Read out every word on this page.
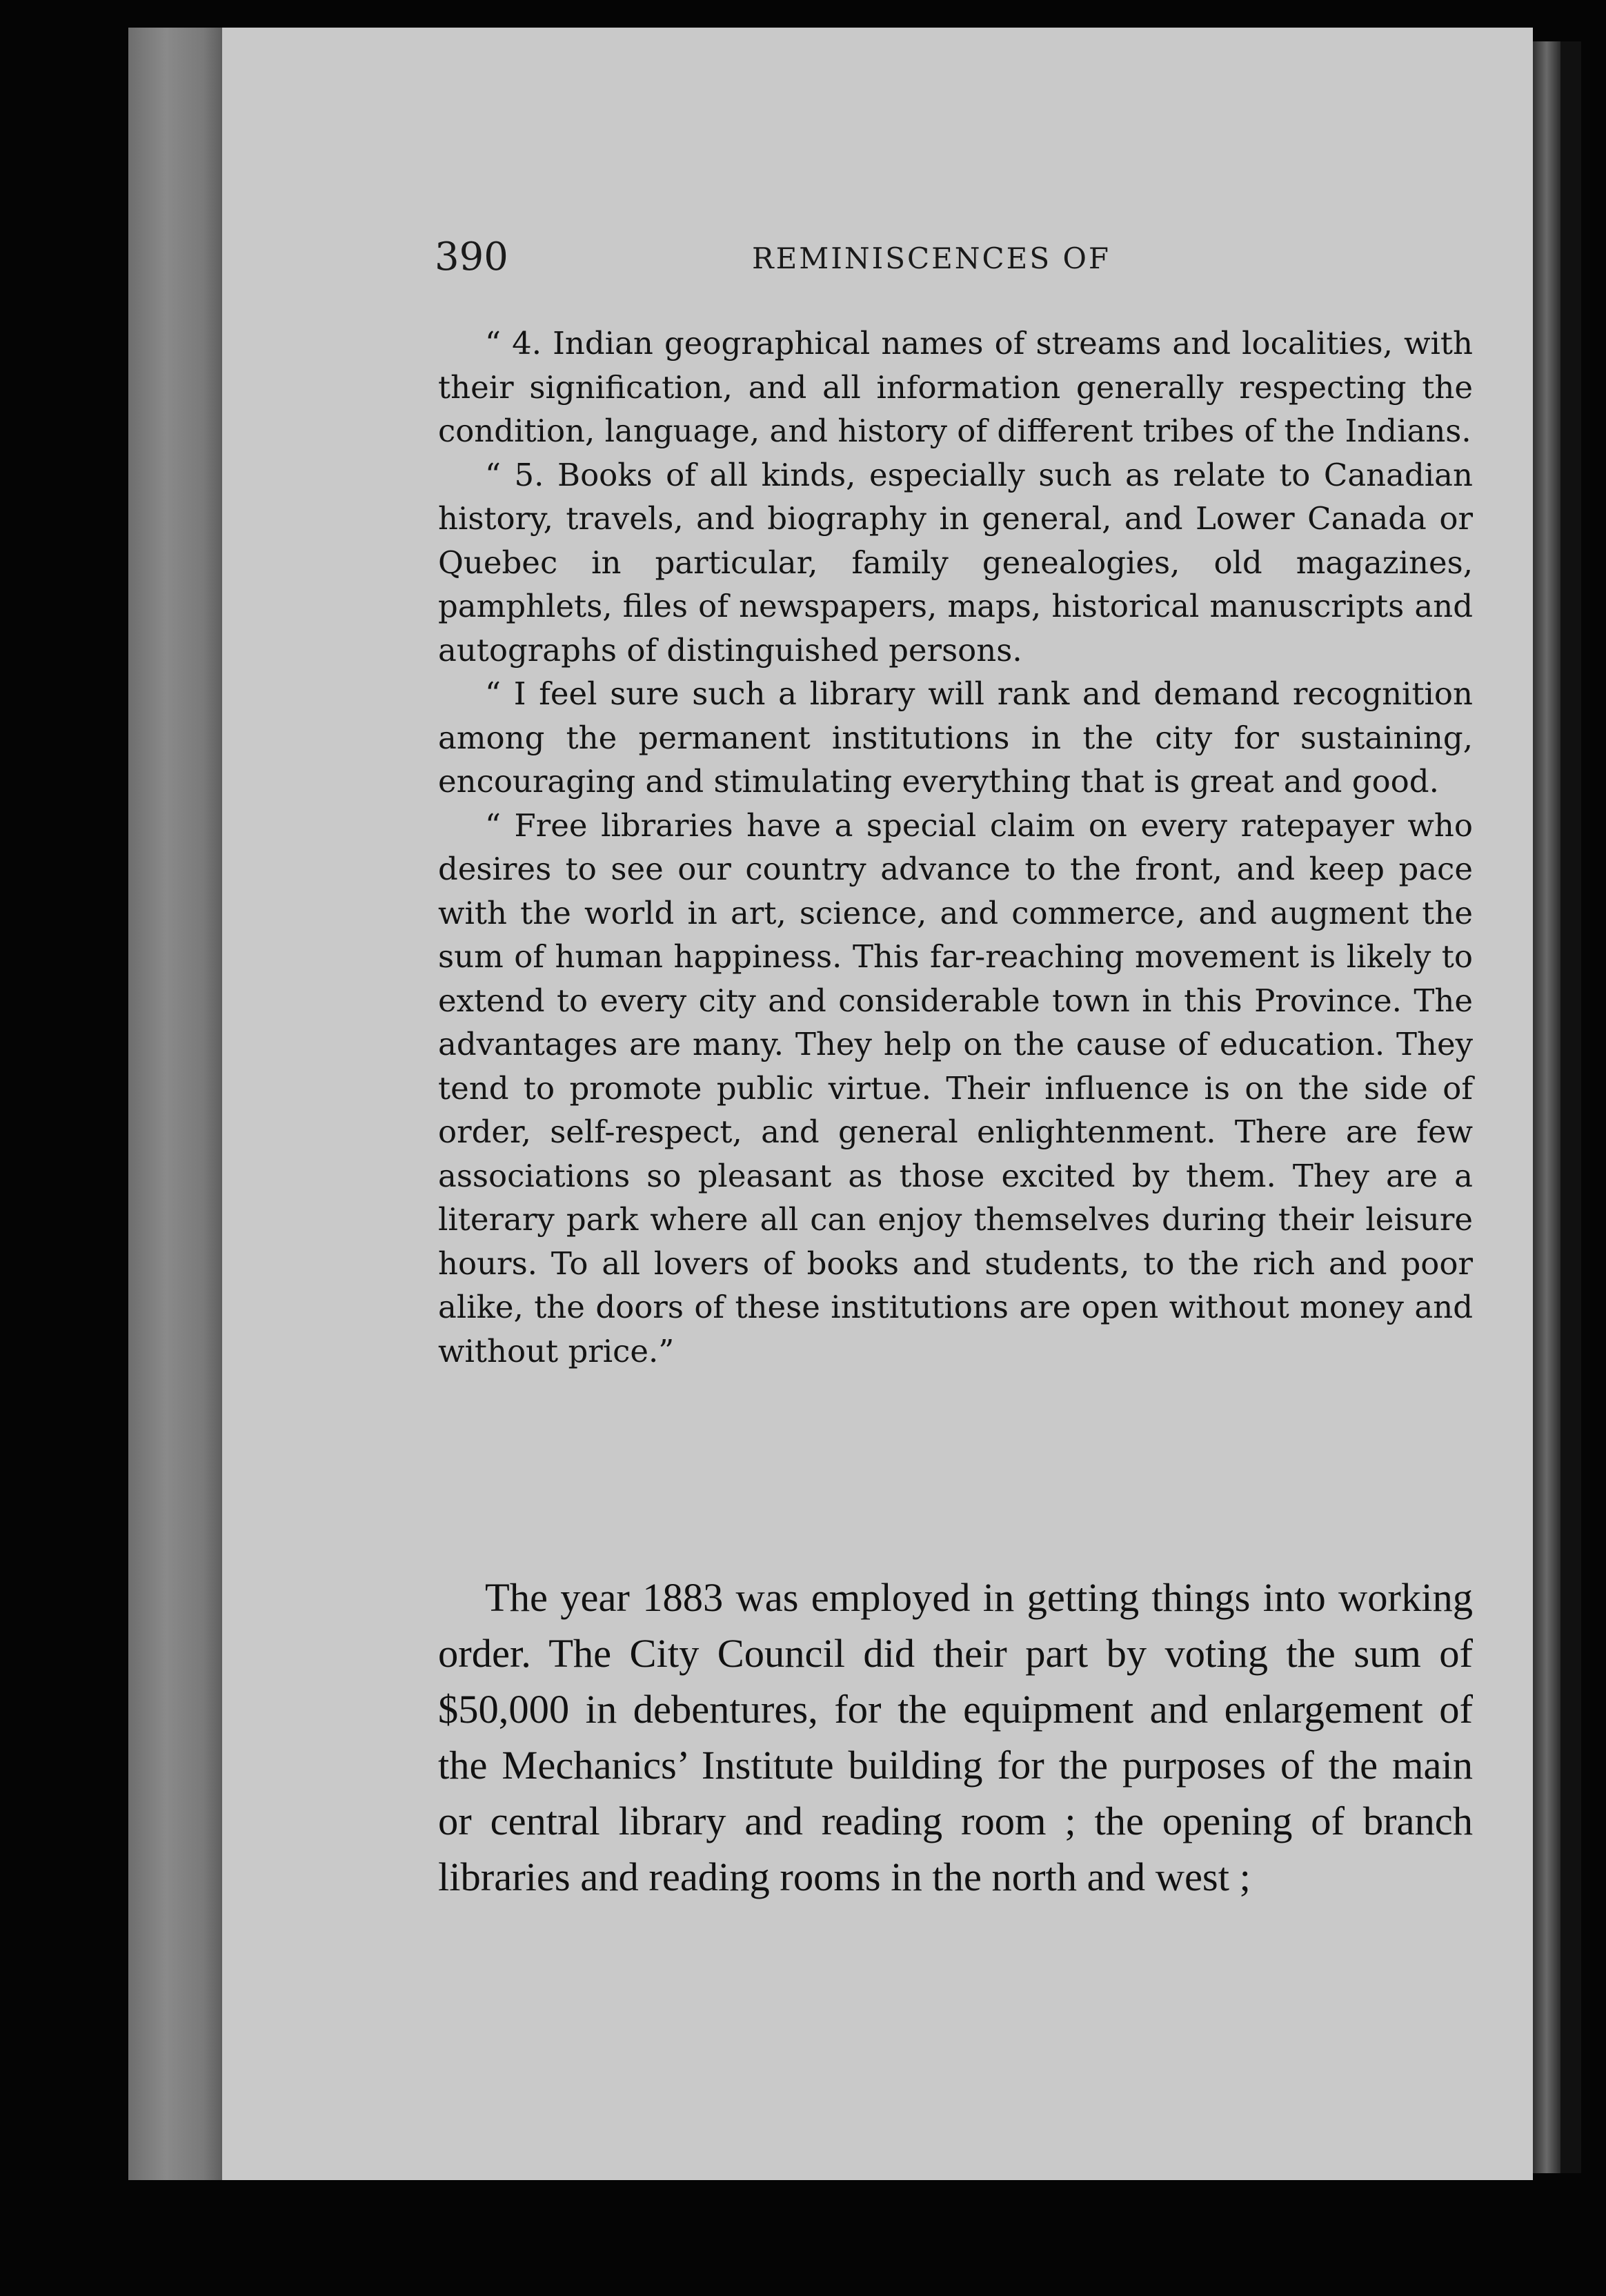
390	REMINISCENCES OF

“ 4. Indian geographical names of streams and localities, with their signification, and all information generally respecting the condition, language, and history of different tribes of the Indians.

“ 5. Books of all kinds, especially such as relate to Canadian history, travels, and biography in general, and Lower Canada or Quebec in particular, family genealogies, old magazines, pamphlets, files of newspapers, maps, historical manuscripts and autographs of distinguished persons.

“ I feel sure such a library will rank and demand recognition among the permanent institutions in the city for sustaining, encouraging and stimulating everything that is great and good.

“ Free libraries have a special claim on every ratepayer who desires to see our country advance to the front, and keep pace with the world in art, science, and commerce, and augment the sum of human happiness. This far-reaching movement is likely to extend to every city and considerable town in this Province. The advantages are many. They help on the cause of education. They tend to promote public virtue. Their influence is on the side of order, self-respect, and general enlightenment. There are few associations so pleasant as those excited by them. They are a literary park where all can enjoy themselves during their leisure hours. To all lovers of books and students, to the rich and poor alike, the doors of these institutions are open without money and without price.”

The year 1883 was employed in getting things into working order. The City Council did their part by voting the sum of $50,000 in debentures, for the equipment and enlargement of the Mechanics’ Institute building for the purposes of the main or central library and reading room ; the opening of branch libraries and reading rooms in the north and west ;
